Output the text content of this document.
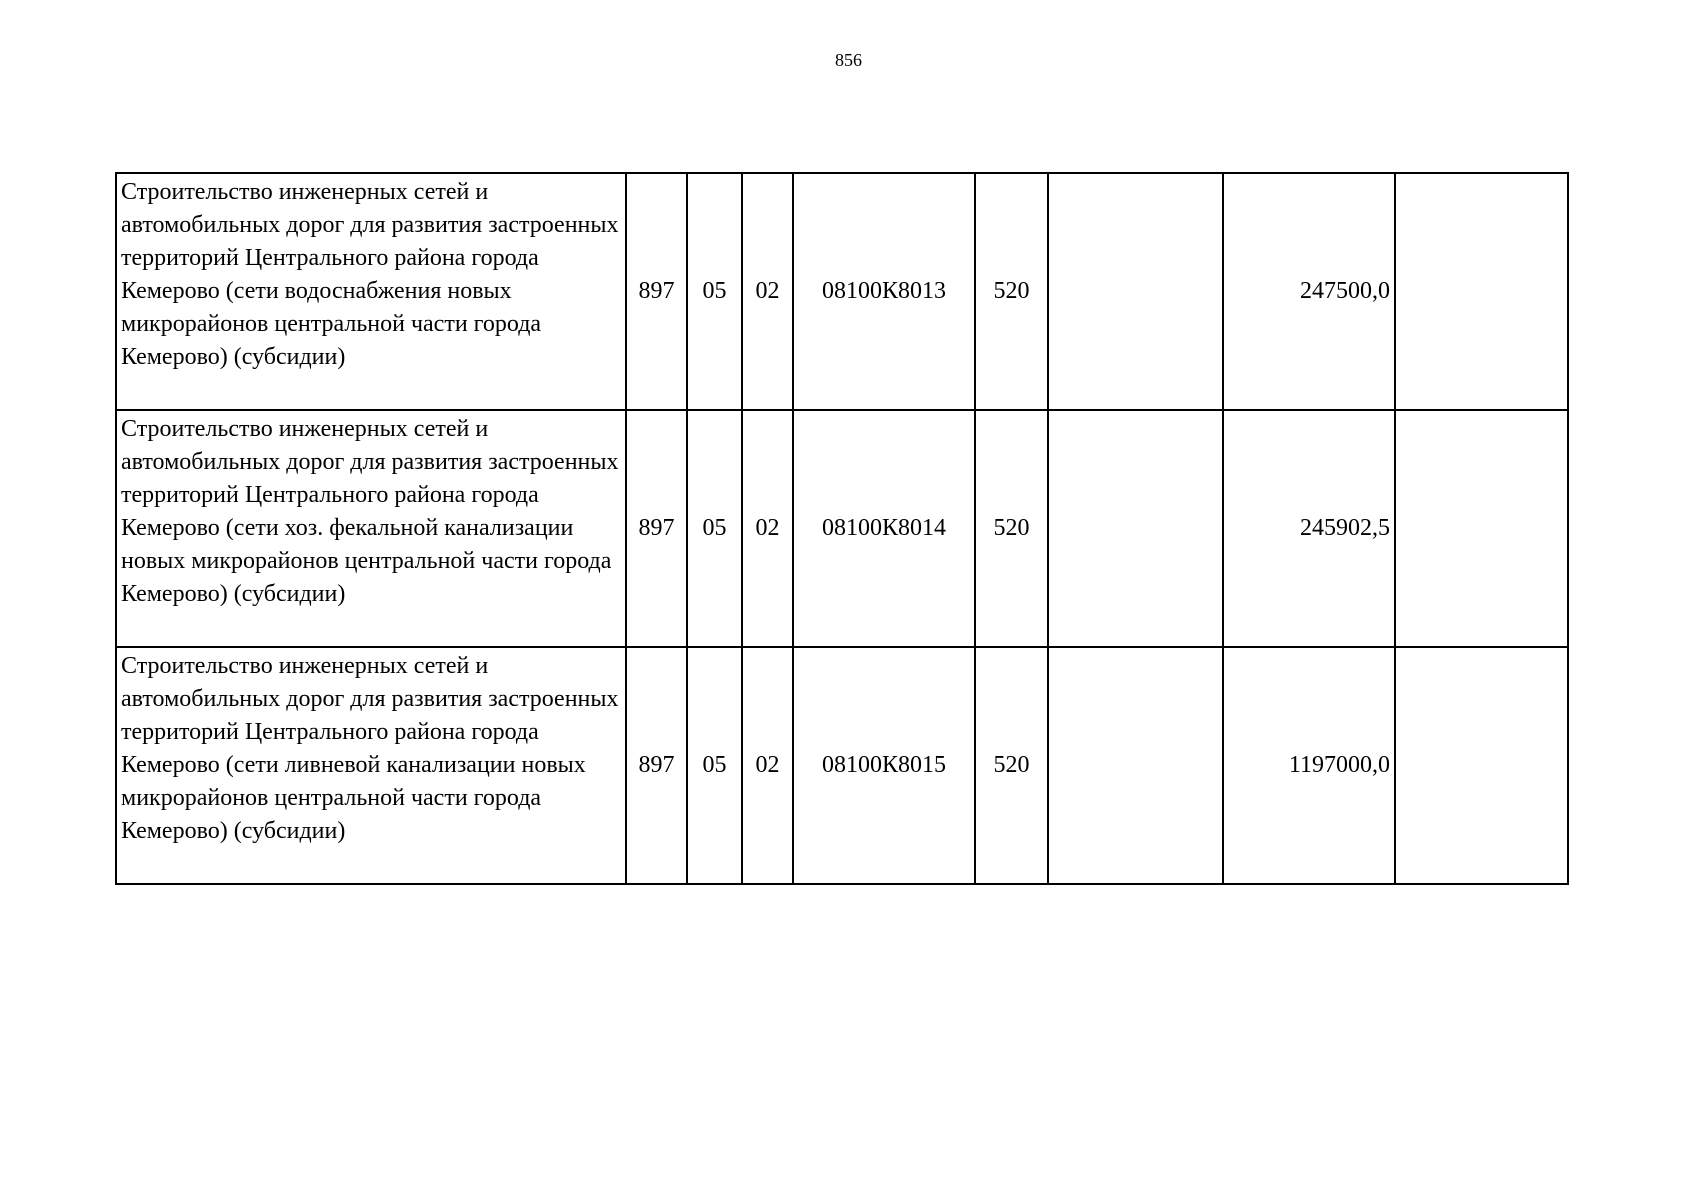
856
Строительство инженерных сетей и автомобильных дорог для развития застроенных территорий Центрального района города Кемерово (сети водоснабжения новых микрорайонов центральной части города Кемерово) (субсидии)	897	05	02	08100К8013	520		247500,0	
Строительство инженерных сетей и автомобильных дорог для развития застроенных территорий Центрального района города Кемерово (сети хоз. фекальной канализации новых микрорайонов центральной части города Кемерово) (субсидии)	897	05	02	08100К8014	520		245902,5	
Строительство инженерных сетей и автомобильных дорог для развития застроенных территорий Центрального района города Кемерово (сети ливневой канализации новых микрорайонов центральной части города Кемерово) (субсидии)	897	05	02	08100К8015	520		1197000,0	
